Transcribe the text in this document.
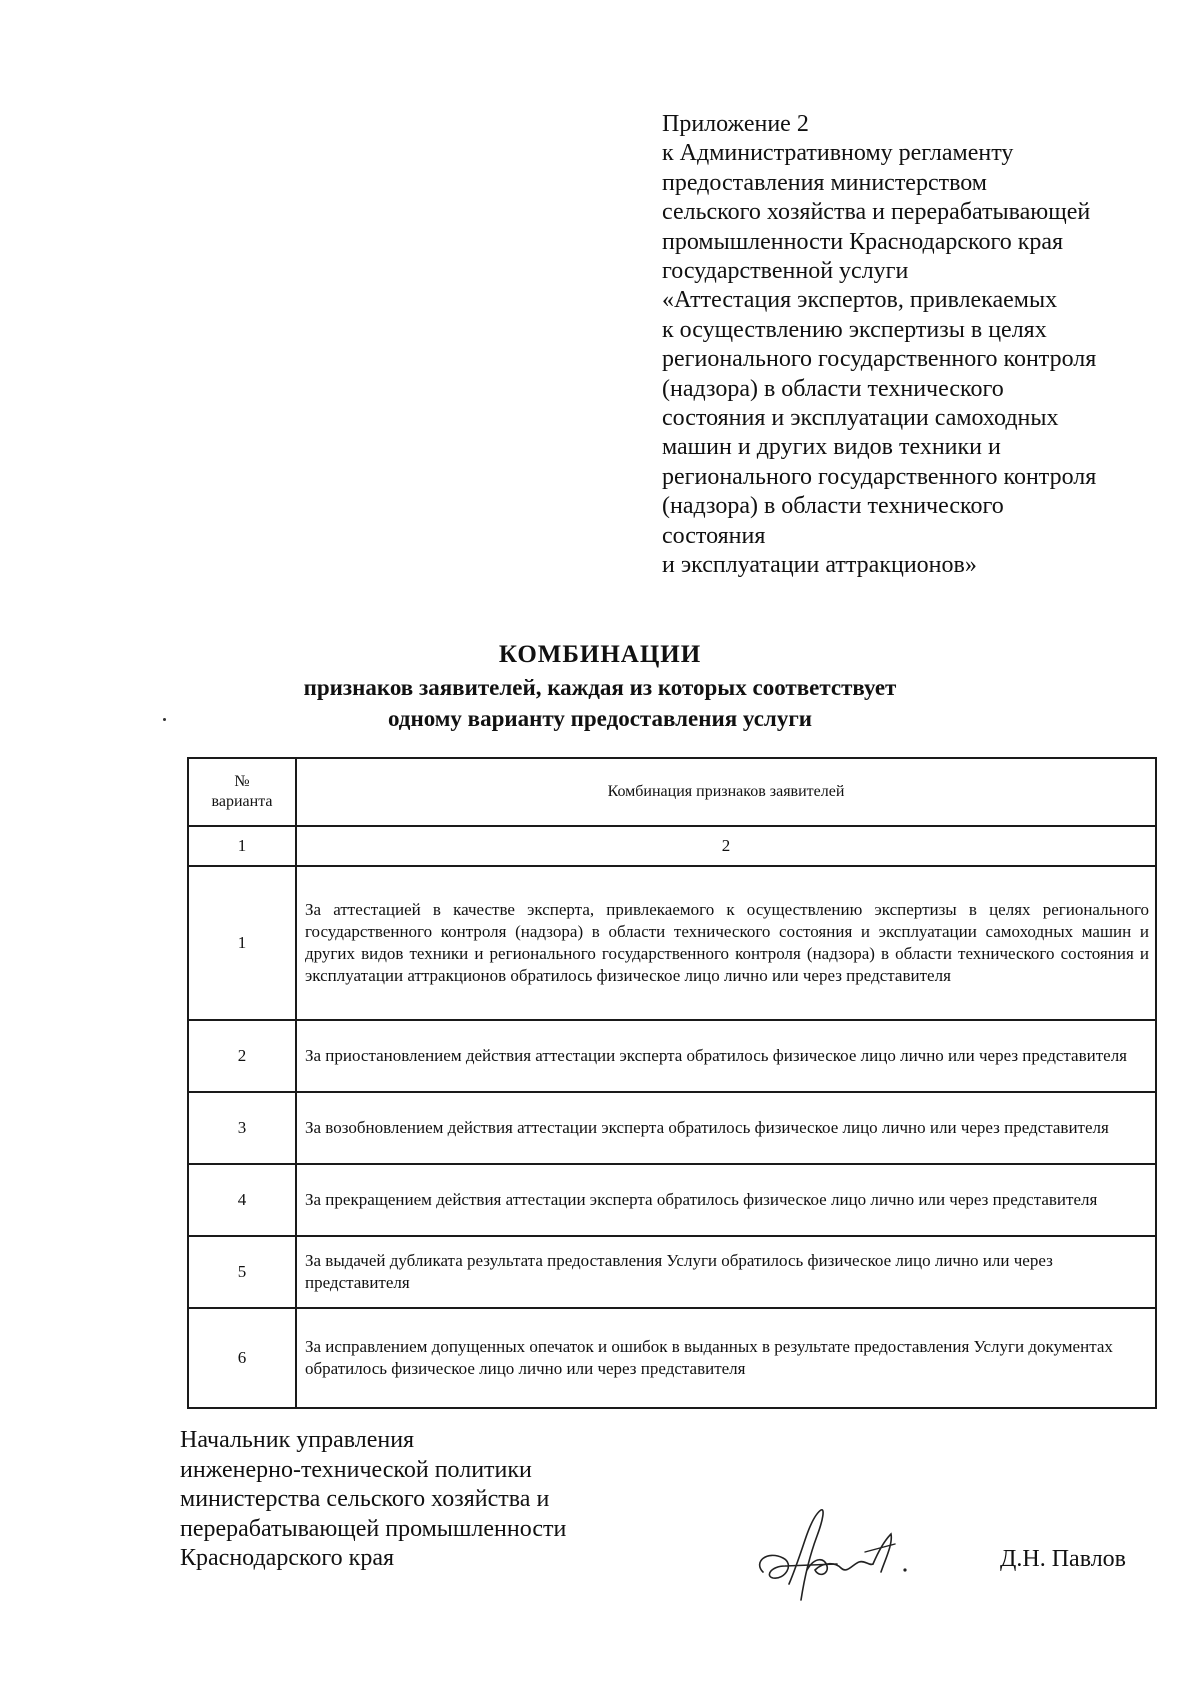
Приложение 2
к Административному регламенту
предоставления министерством
сельского хозяйства и перерабатывающей
промышленности Краснодарского края
государственной услуги
«Аттестация экспертов, привлекаемых
к осуществлению экспертизы в целях
регионального государственного контроля
(надзора) в области технического
состояния и эксплуатации самоходных
машин и других видов техники и
регионального государственного контроля
(надзора) в области технического
состояния
и эксплуатации аттракционов»
КОМБИНАЦИИ
признаков заявителей, каждая из которых соответствует
одному варианту предоставления услуги
№
варианта	Комбинация признаков заявителей
1	2
1	За аттестацией в качестве эксперта, привлекаемого к осуществлению экспертизы в целях регионального государственного контроля (надзора) в области технического состояния и эксплуатации самоходных машин и других видов техники и регионального государственного контроля (надзора) в области технического состояния и эксплуатации аттракционов обратилось физическое лицо лично или через представителя
2	За приостановлением действия аттестации эксперта обратилось физическое лицо лично или через представителя
3	За возобновлением действия аттестации эксперта обратилось физическое лицо лично или через представителя
4	За прекращением действия аттестации эксперта обратилось физическое лицо лично или через представителя
5	За выдачей дубликата результата предоставления Услуги обратилось физическое лицо лично или через представителя
6	За исправлением допущенных опечаток и ошибок в выданных в результате предоставления Услуги документах обратилось физическое лицо лично или через представителя
Начальник управления
инженерно-технической политики
министерства сельского хозяйства и
перерабатывающей промышленности
Краснодарского края	Д.Н. Павлов
